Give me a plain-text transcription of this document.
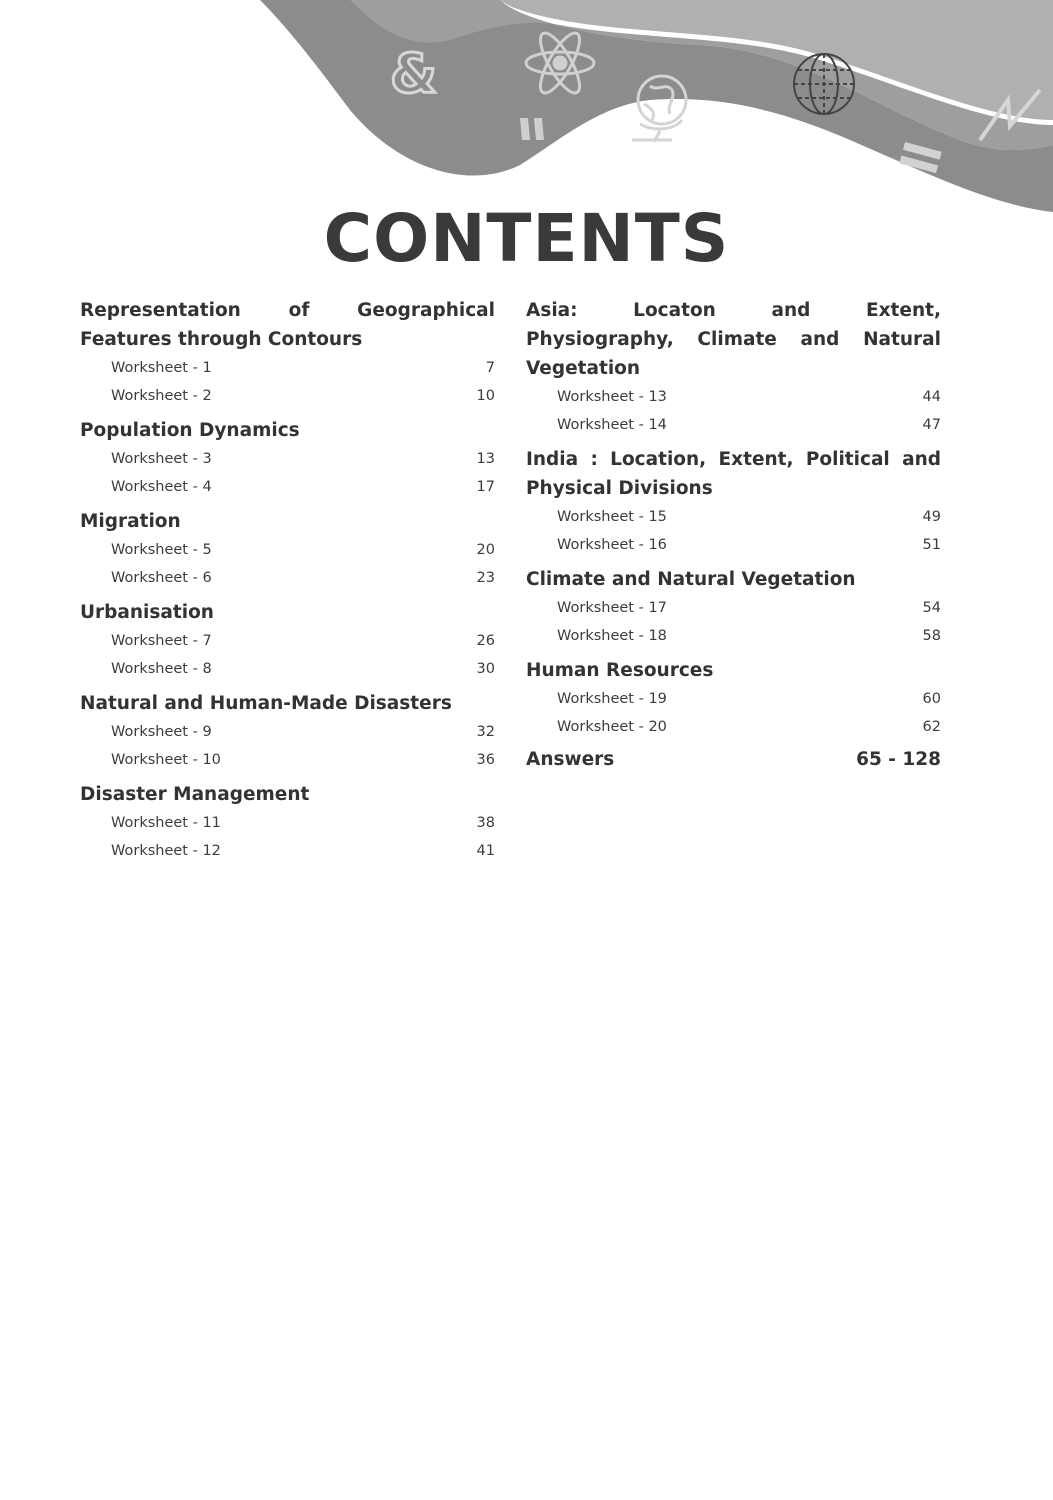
&
CONTENTS
Representation of Geographical Features through Contours
Worksheet - 1	7
Worksheet - 2	10
Population Dynamics
Worksheet - 3	13
Worksheet - 4	17
Migration
Worksheet - 5	20
Worksheet - 6	23
Urbanisation
Worksheet - 7	26
Worksheet - 8	30
Natural and Human-Made Disasters
Worksheet - 9	32
Worksheet - 10	36
Disaster Management
Worksheet - 11	38
Worksheet - 12	41
Asia: Locaton and Extent, Physiography, Climate and Natural Vegetation
Worksheet - 13	44
Worksheet - 14	47
India : Location, Extent, Political and Physical Divisions
Worksheet - 15	49
Worksheet - 16	51
Climate and Natural Vegetation
Worksheet - 17	54
Worksheet - 18	58
Human Resources
Worksheet - 19	60
Worksheet - 20	62
Answers	65 - 128
